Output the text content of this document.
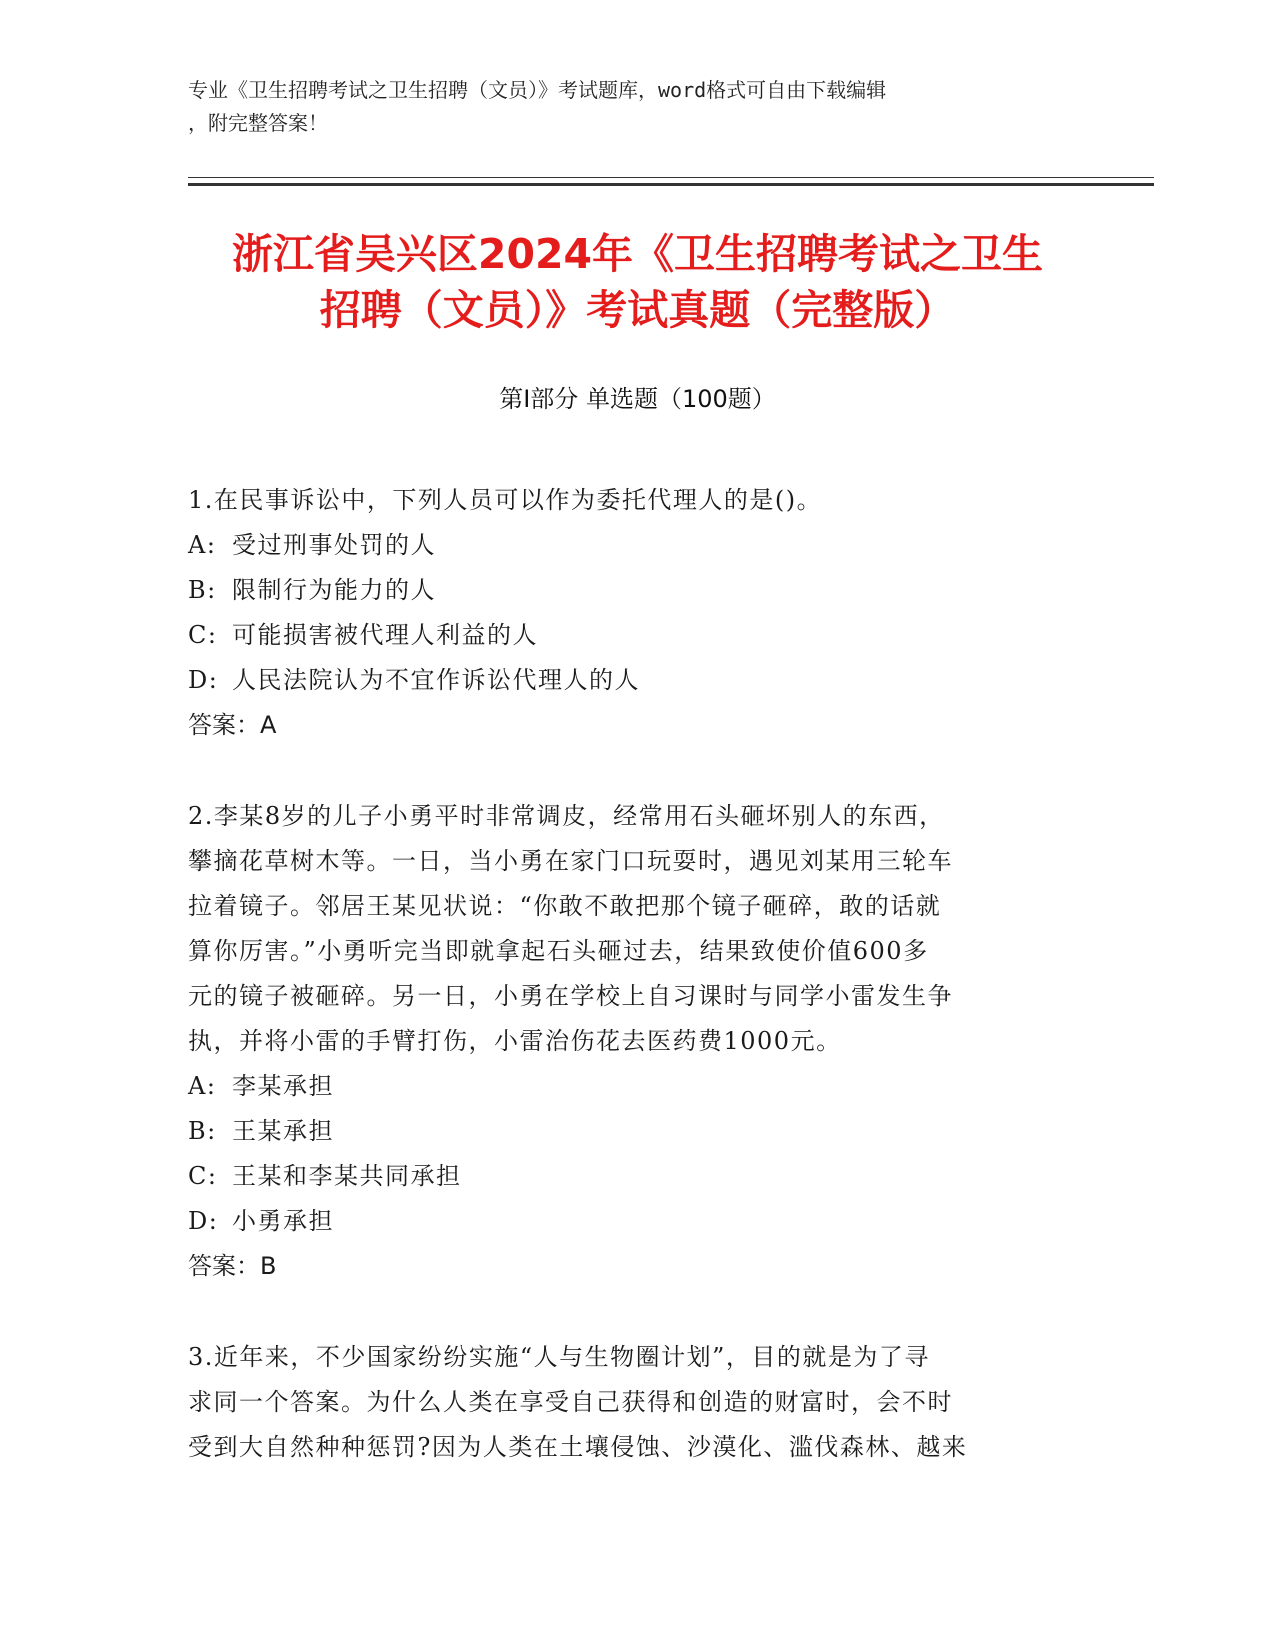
专业《卫生招聘考试之卫生招聘（文员）》考试题库，word格式可自由下载编辑
，附完整答案！
浙江省吴兴区2024年《卫生招聘考试之卫生
招聘（文员）》考试真题（完整版）
第Ⅰ部分 单选题（100题）

1.在民事诉讼中，下列人员可以作为委托代理人的是()。

A: 受过刑事处罚的人

B: 限制行为能力的人

C: 可能损害被代理人利益的人

D: 人民法院认为不宜作诉讼代理人的人

答案：A

2.李某8岁的儿子小勇平时非常调皮，经常用石头砸坏别人的东西，

攀摘花草树木等。一日，当小勇在家门口玩耍时，遇见刘某用三轮车

拉着镜子。邻居王某见状说：“你敢不敢把那个镜子砸碎，敢的话就

算你厉害。”小勇听完当即就拿起石头砸过去，结果致使价值600多

元的镜子被砸碎。另一日，小勇在学校上自习课时与同学小雷发生争

执，并将小雷的手臂打伤，小雷治伤花去医药费1000元。

A: 李某承担

B: 王某承担

C: 王某和李某共同承担

D: 小勇承担

答案：B

3.近年来，不少国家纷纷实施“人与生物圈计划”，目的就是为了寻

求同一个答案。为什么人类在享受自己获得和创造的财富时，会不时

受到大自然种种惩罚?因为人类在土壤侵蚀、沙漠化、滥伐森林、越来
